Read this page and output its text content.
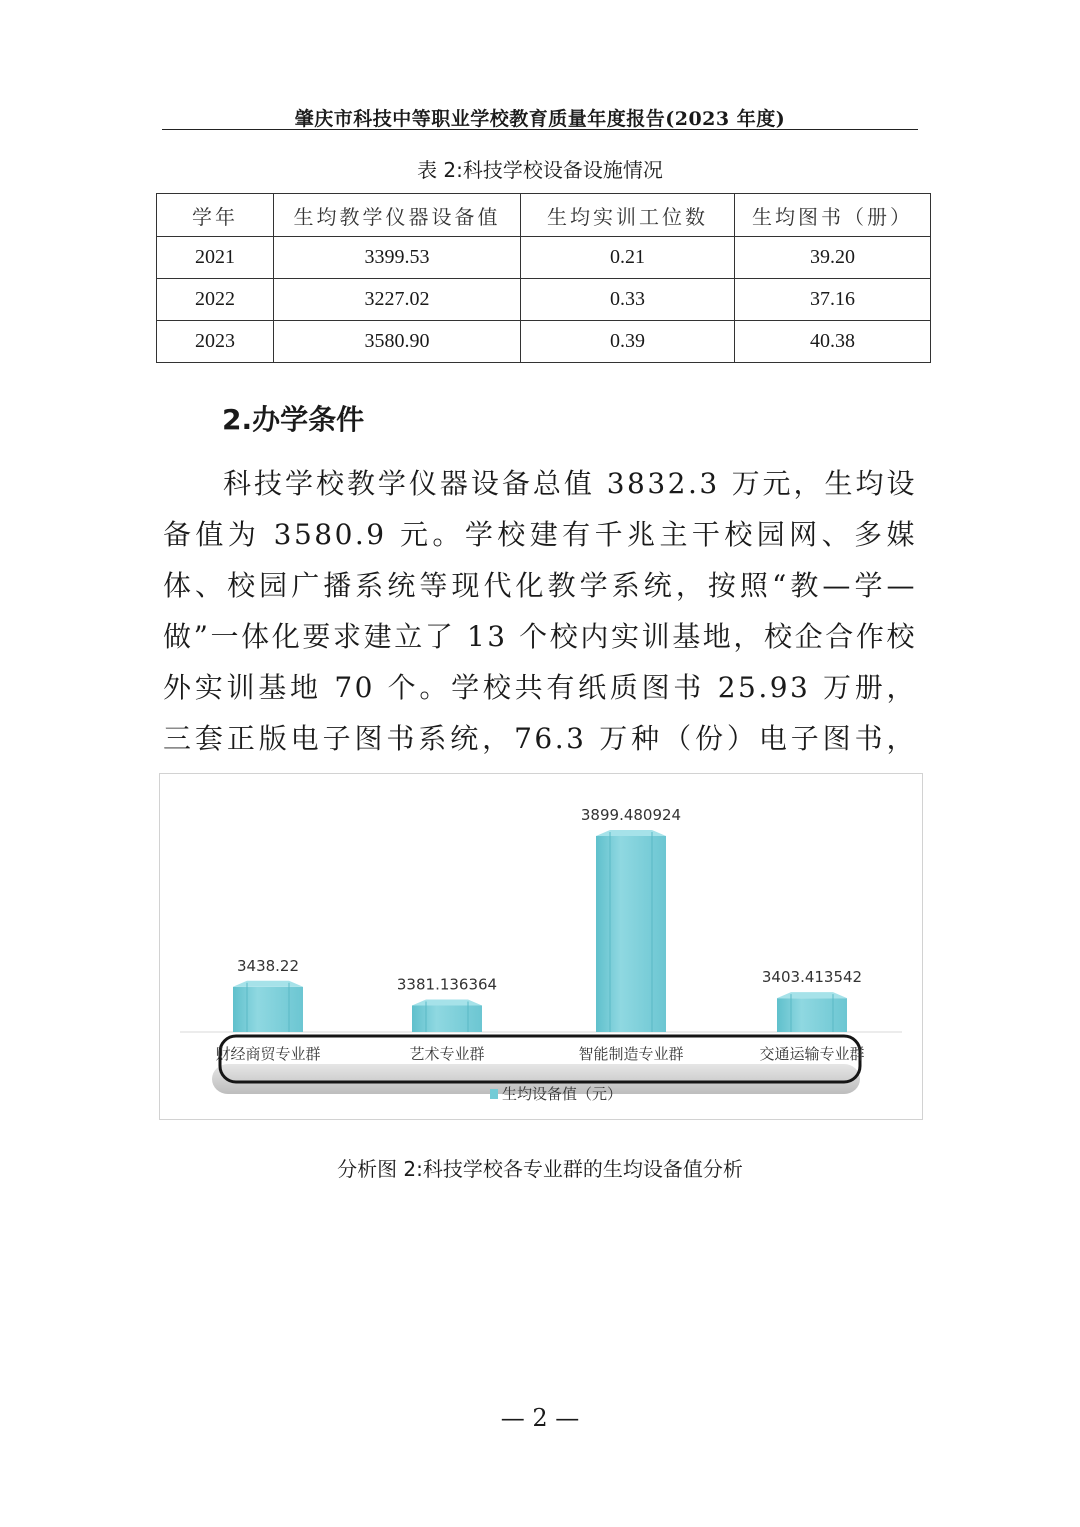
肇庆市科技中等职业学校教育质量年度报告(2023 年度)
表 2:科技学校设备设施情况
学年	生均教学仪器设备值	生均实训工位数	生均图书（册）
2021	3399.53	0.21	39.20
2022	3227.02	0.33	37.16
2023	3580.90	0.39	40.38
2.办学条件

科技学校教学仪器设备总值 3832.3 万元，生均设备值为 3580.9 元。学校建有千兆主干校园网、多媒体、校园广播系统等现代化教学系统，按照“教—学—做”一体化要求建立了 13 个校内实训基地，校企合作校外实训基地 70 个。学校共有纸质图书 25.93 万册，三套正版电子图书系统，76.3 万种（份）电子图书，

3438.22
财经商贸专业群
3381.136364
艺术专业群
3899.480924
智能制造专业群
3403.413542
交通运输专业群
生均设备值（元）
分析图 2:科技学校各专业群的生均设备值分析
— 2 —
